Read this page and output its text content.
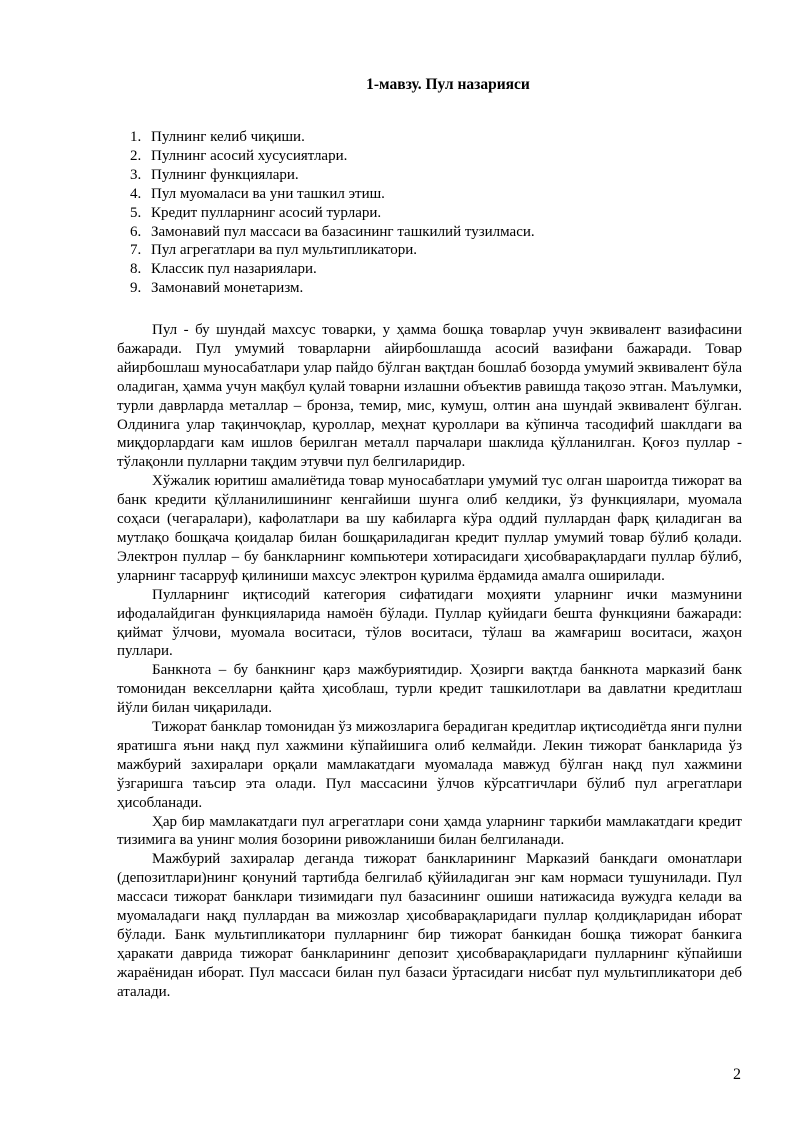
1-мавзу. Пул назарияси
1. Пулнинг келиб чиқиши.
2. Пулнинг асосий хусусиятлари.
3. Пулнинг функциялари.
4. Пул муомаласи ва уни ташкил этиш.
5. Кредит пулларнинг асосий турлари.
6. Замонавий пул массаси ва базасининг ташкилий тузилмаси.
7. Пул агрегатлари ва пул мультипликатори.
8. Классик пул назариялари.
9. Замонавий монетаризм.

Пул - бу шундай махсус товарки, у ҳамма бошқа товарлар учун эквивалент вазифасини бажаради. Пул умумий товарларни айирбошлашда асосий вазифани бажаради. Товар айирбошлаш муносабатлари улар пайдо бўлган вақтдан бошлаб бозорда умумий эквивалент бўла оладиган, ҳамма учун мақбул қулай товарни излашни объектив равишда тақозо этган. Маълумки, турли даврларда металлар – бронза, темир, мис, кумуш, олтин ана шундай эквивалент бўлган. Олдинига улар тақинчоқлар, қуроллар, меҳнат қуроллари ва кўпинча тасодифий шаклдаги ва миқдорлардаги кам ишлов берилган металл парчалари шаклида қўлланилган. Қоғоз пуллар - тўлақонли пулларни тақдим этувчи пул белгиларидир.

Хўжалик юритиш амалиётида товар муносабатлари умумий тус олган шароитда тижорат ва банк кредити қўлланилишининг кенгайиши шунга олиб келдики, ўз функциялари, муомала соҳаси (чегаралари), кафолатлари ва шу кабиларга кўра оддий пуллардан фарқ қиладиган ва мутлақо бошқача қоидалар билан бошқариладиган кредит пуллар умумий товар бўлиб қолади. Электрон пуллар – бу банкларнинг компьютери хотирасидаги ҳисобварақлардаги пуллар бўлиб, уларнинг тасарруф қилиниши махсус электрон қурилма ёрдамида амалга оширилади.

Пулларнинг иқтисодий категория сифатидаги моҳияти уларнинг ички мазмунини ифодалайдиган функцияларида намоён бўлади. Пуллар қуйидаги бешта функцияни бажаради: қиймат ўлчови, муомала воситаси, тўлов воситаси, тўлаш ва жамғариш воситаси, жаҳон пуллари.

Банкнота – бу банкнинг қарз мажбуриятидир. Ҳозирги вақтда банкнота марказий банк томонидан векселларни қайта ҳисоблаш, турли кредит ташкилотлари ва давлатни кредитлаш йўли билан чиқарилади.

Тижорат банклар томонидан ўз мижозларига берадиган кредитлар иқтисодиётда янги пулни яратишга яъни нақд пул хажмини кўпайишига олиб келмайди. Лекин тижорат банкларида ўз мажбурий захиралари орқали мамлакатдаги муомалада мавжуд бўлган нақд пул хажмини ўзгаришга таъсир эта олади. Пул массасини ўлчов кўрсатгичлари бўлиб пул агрегатлари ҳисобланади.

Ҳар бир мамлакатдаги пул агрегатлари сони ҳамда уларнинг таркиби мамлакатдаги кредит тизимига ва унинг молия бозорини ривожланиши билан белгиланади.

Мажбурий захиралар деганда тижорат банкларининг Марказий банкдаги омонатлари (депозитлари)нинг қонуний тартибда белгилаб қўйиладиган энг кам нормаси тушунилади. Пул массаси тижорат банклари тизимидаги пул базасининг ошиши натижасида вужудга келади ва муомаладаги нақд пуллардан ва мижозлар ҳисобварақларидаги пуллар қолдиқларидан иборат бўлади. Банк мультипликатори пулларнинг бир тижорат банкидан бошқа тижорат банкига ҳаракати даврида тижорат банкларининг депозит ҳисобварақларидаги пулларнинг кўпайиши жараёнидан иборат. Пул массаси билан пул базаси ўртасидаги нисбат пул мультипликатори деб аталади.

2
